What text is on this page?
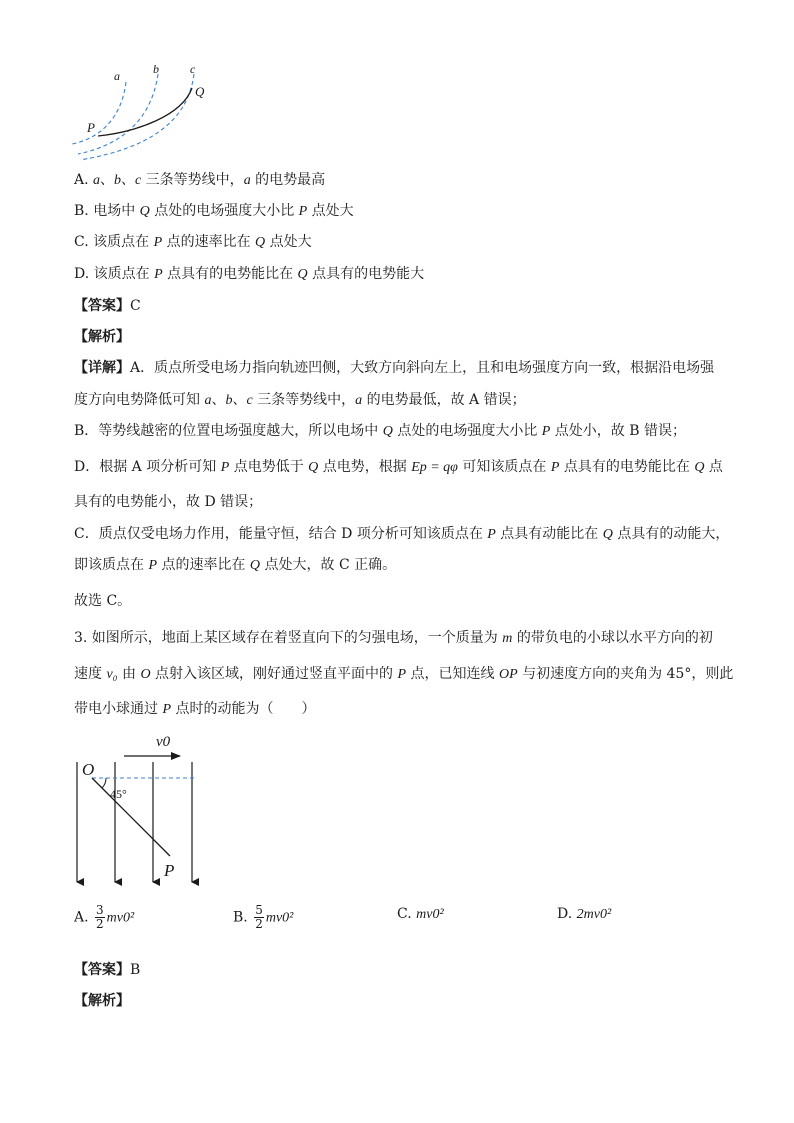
a	b	c
Q
P
A. a、b、c 三条等势线中，a 的电势最高
B. 电场中 Q 点处的电场强度大小比 P 点处大
C. 该质点在 P 点的速率比在 Q 点处大
D. 该质点在 P 点具有的电势能比在 Q 点具有的电势能大
【答案】C
【解析】
【详解】A．质点所受电场力指向轨迹凹侧，大致方向斜向左上，且和电场强度方向一致，根据沿电场强
度方向电势降低可知 a、b、c 三条等势线中，a 的电势最低，故 A 错误；
B．等势线越密的位置电场强度越大，所以电场中 Q 点处的电场强度大小比 P 点处小，故 B 错误；
D．根据 A 项分析可知 P 点电势低于 Q 点电势，根据 Ep = qφ 可知该质点在 P 点具有的电势能比在 Q 点
具有的电势能小，故 D 错误；
C．质点仅受电场力作用，能量守恒，结合 D 项分析可知该质点在 P 点具有动能比在 Q 点具有的动能大，
即该质点在 P 点的速率比在 Q 点处大，故 C 正确。
故选 C。
3. 如图所示，地面上某区域存在着竖直向下的匀强电场，一个质量为 m 的带负电的小球以水平方向的初
速度 v₀ 由 O 点射入该区域，刚好通过竖直平面中的 P 点，已知连线 OP 与初速度方向的夹角为 45°，则此
带电小球通过 P 点时的动能为（　　）
v0
O
45°
P
A. $\frac{3}{2} mv0^2$	B. $\frac{5}{2} mv0^2$	C. mv0²	D. 2mv0²
【答案】B
【解析】
